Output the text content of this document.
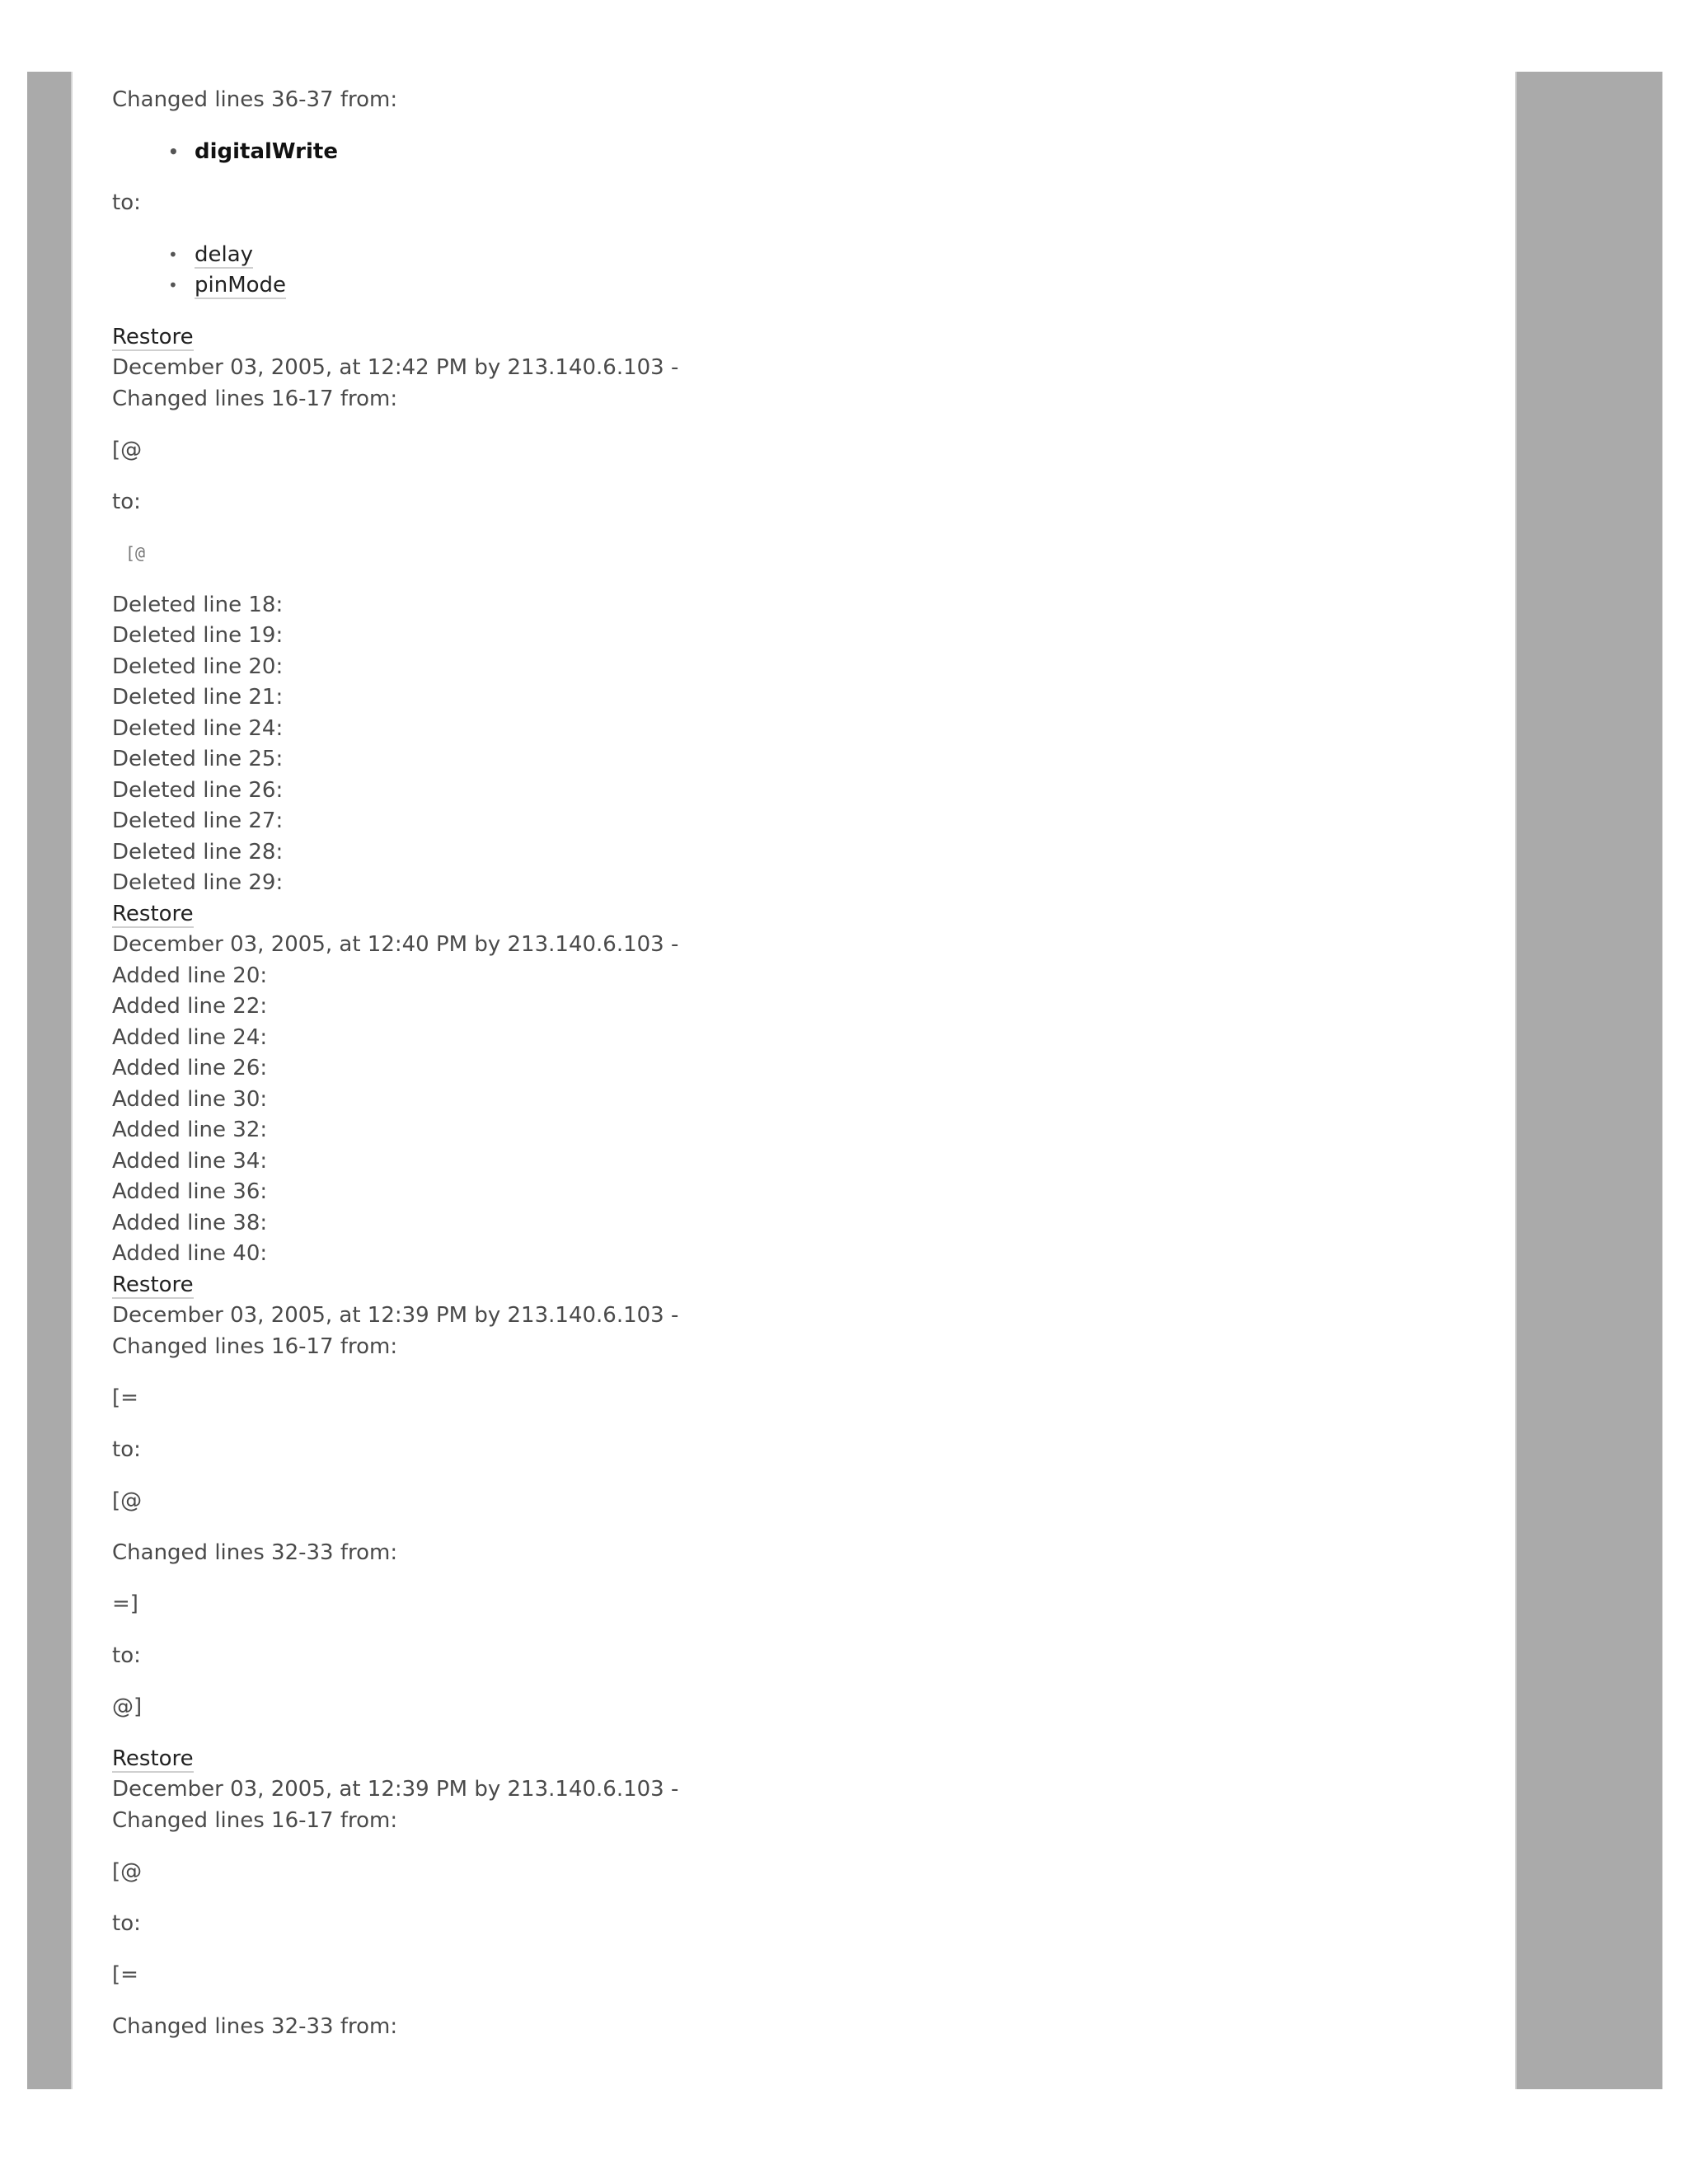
Changed lines 36-37 from:
• digitalWrite
to:
• delay
• pinMode
Restore
December 03, 2005, at 12:42 PM by 213.140.6.103 -
Changed lines 16-17 from:
[@
to:
[@
Deleted line 18:
Deleted line 19:
Deleted line 20:
Deleted line 21:
Deleted line 24:
Deleted line 25:
Deleted line 26:
Deleted line 27:
Deleted line 28:
Deleted line 29:
Restore
December 03, 2005, at 12:40 PM by 213.140.6.103 -
Added line 20:
Added line 22:
Added line 24:
Added line 26:
Added line 30:
Added line 32:
Added line 34:
Added line 36:
Added line 38:
Added line 40:
Restore
December 03, 2005, at 12:39 PM by 213.140.6.103 -
Changed lines 16-17 from:
[=
to:
[@
Changed lines 32-33 from:
=]
to:
@]
Restore
December 03, 2005, at 12:39 PM by 213.140.6.103 -
Changed lines 16-17 from:
[@
to:
[=
Changed lines 32-33 from:
